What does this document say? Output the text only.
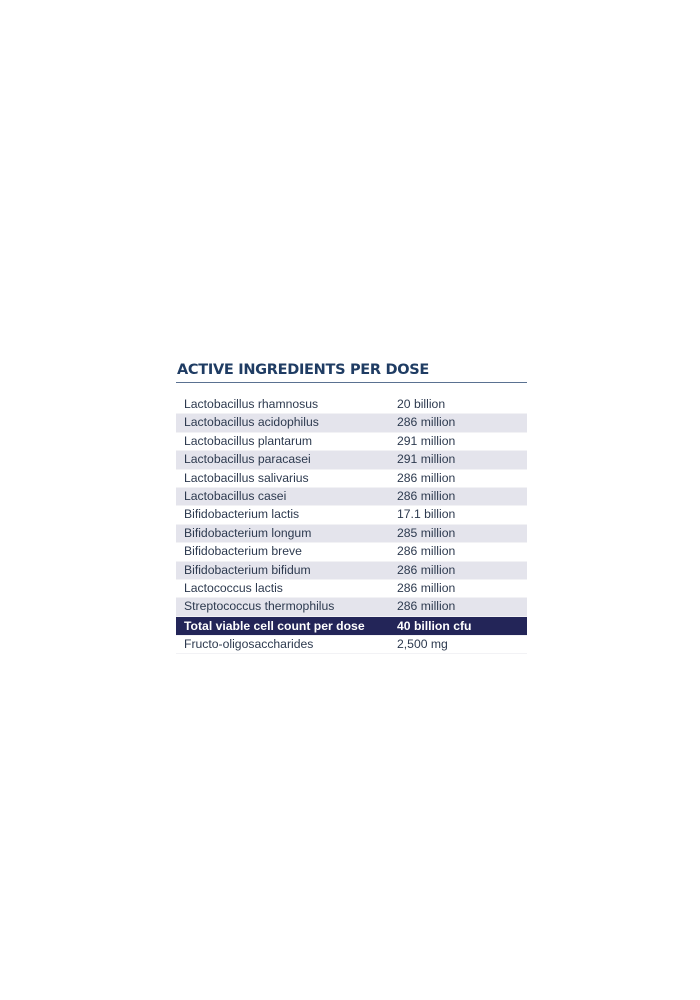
ACTIVE INGREDIENTS PER DOSE
Lactobacillus rhamnosus	20 billion
Lactobacillus acidophilus	286 million
Lactobacillus plantarum	291 million
Lactobacillus paracasei	291 million
Lactobacillus salivarius	286 million
Lactobacillus casei	286 million
Bifidobacterium lactis	17.1 billion
Bifidobacterium longum	285 million
Bifidobacterium breve	286 million
Bifidobacterium bifidum	286 million
Lactococcus lactis	286 million
Streptococcus thermophilus	286 million
Total viable cell count per dose	40 billion cfu
Fructo-oligosaccharides	2,500 mg
